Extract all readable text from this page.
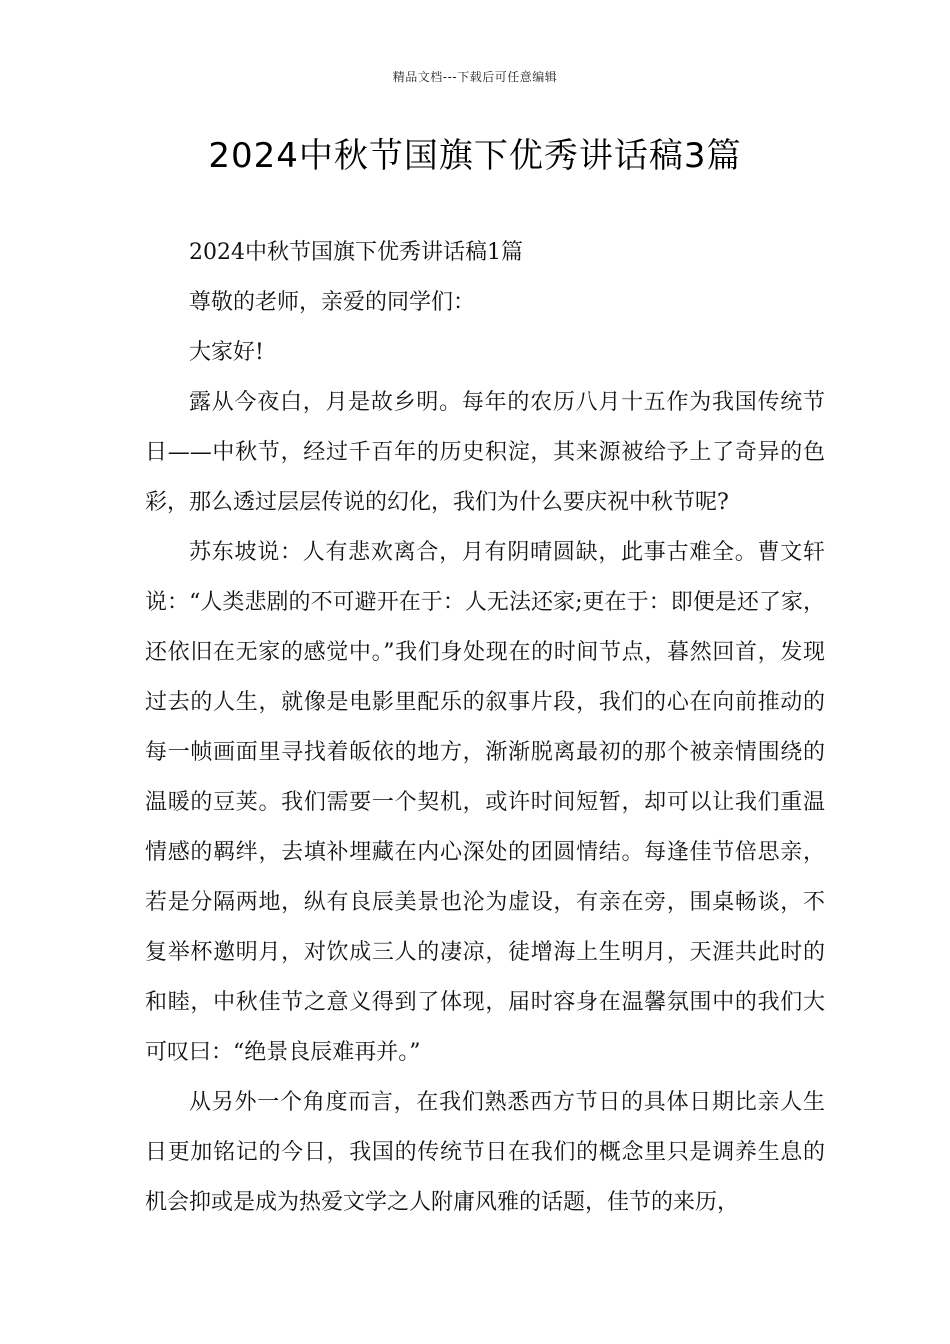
精品文档---下载后可任意编辑
2024中秋节国旗下优秀讲话稿3篇

2024中秋节国旗下优秀讲话稿1篇

尊敬的老师，亲爱的同学们：

大家好!

露从今夜白，月是故乡明。每年的农历八月十五作为我国传统节日——中秋节，经过千百年的历史积淀，其来源被给予上了奇异的色彩，那么透过层层传说的幻化，我们为什么要庆祝中秋节呢?

苏东坡说：人有悲欢离合，月有阴晴圆缺，此事古难全。曹文轩说：“人类悲剧的不可避开在于：人无法还家;更在于：即便是还了家，还依旧在无家的感觉中。”我们身处现在的时间节点，暮然回首，发现过去的人生，就像是电影里配乐的叙事片段，我们的心在向前推动的每一帧画面里寻找着皈依的地方，渐渐脱离最初的那个被亲情围绕的温暖的豆荚。我们需要一个契机，或许时间短暂，却可以让我们重温情感的羁绊，去填补埋藏在内心深处的团圆情结。每逢佳节倍思亲，若是分隔两地，纵有良辰美景也沦为虚设，有亲在旁，围桌畅谈，不复举杯邀明月，对饮成三人的凄凉，徒增海上生明月，天涯共此时的和睦，中秋佳节之意义得到了体现，届时容身在温馨氛围中的我们大可叹曰：“绝景良辰难再并。”

从另外一个角度而言，在我们熟悉西方节日的具体日期比亲人生日更加铭记的今日，我国的传统节日在我们的概念里只是调养生息的机会抑或是成为热爱文学之人附庸风雅的话题，佳节的来历，
